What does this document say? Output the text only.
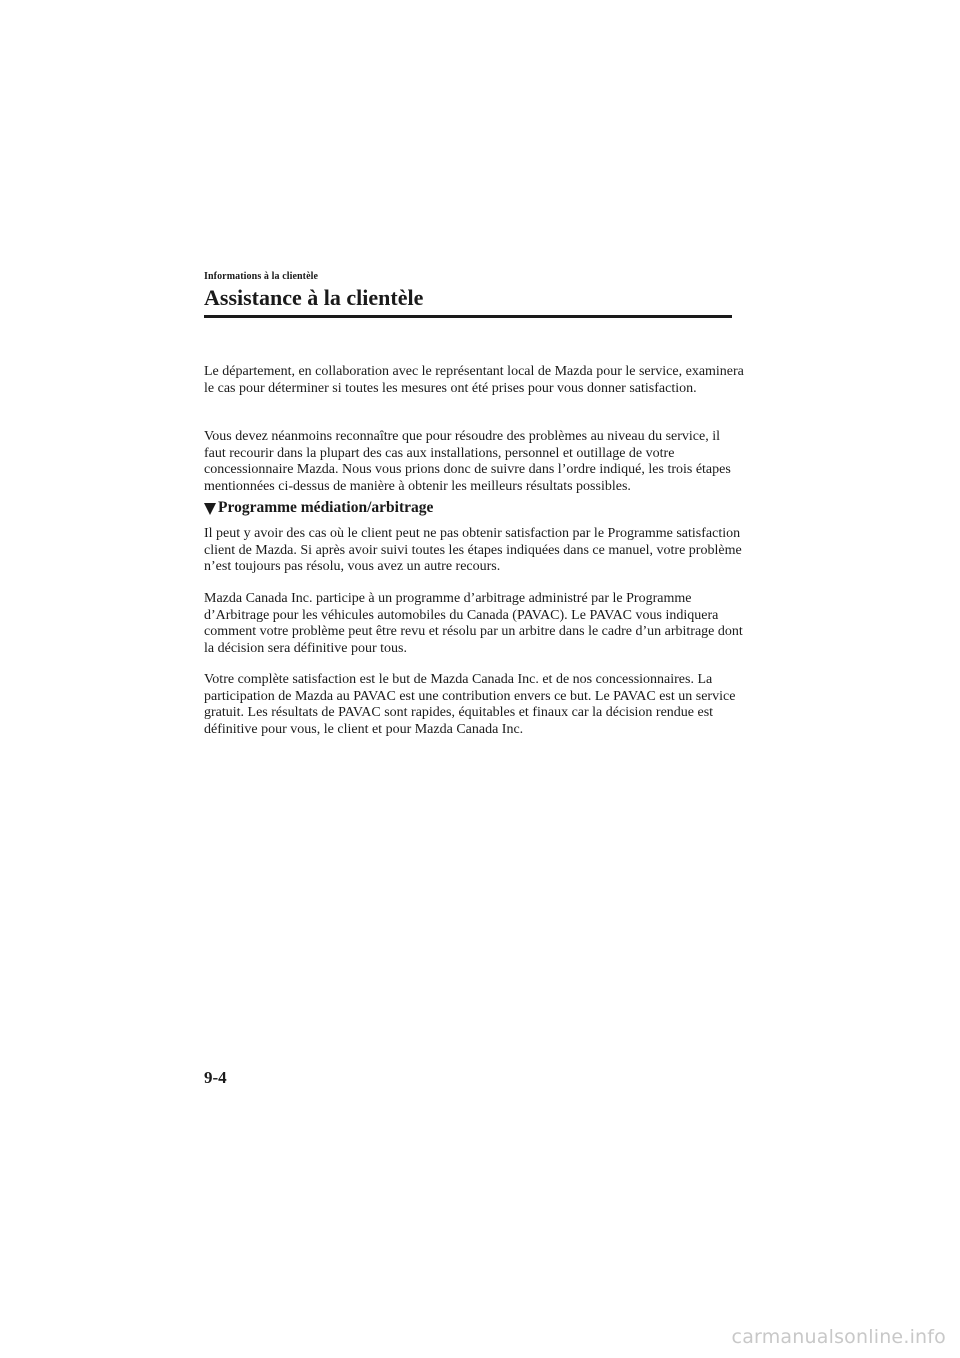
Informations à la clientèle
Assistance à la clientèle

Le département, en collaboration avec le représentant local de Mazda pour le service, examinera le cas pour déterminer si toutes les mesures ont été prises pour vous donner satisfaction.

Vous devez néanmoins reconnaître que pour résoudre des problèmes au niveau du service, il faut recourir dans la plupart des cas aux installations, personnel et outillage de votre concessionnaire Mazda. Nous vous prions donc de suivre dans l’ordre indiqué, les trois étapes mentionnées ci-dessus de manière à obtenir les meilleurs résultats possibles.

Programme médiation/arbitrage

Il peut y avoir des cas où le client peut ne pas obtenir satisfaction par le Programme satisfaction client de Mazda. Si après avoir suivi toutes les étapes indiquées dans ce manuel, votre problème n’est toujours pas résolu, vous avez un autre recours.

Mazda Canada Inc. participe à un programme d’arbitrage administré par le Programme d’Arbitrage pour les véhicules automobiles du Canada (PAVAC). Le PAVAC vous indiquera comment votre problème peut être revu et résolu par un arbitre dans le cadre d’un arbitrage dont la décision sera définitive pour tous.

Votre complète satisfaction est le but de Mazda Canada Inc. et de nos concessionnaires. La participation de Mazda au PAVAC est une contribution envers ce but. Le PAVAC est un service gratuit. Les résultats de PAVAC sont rapides, équitables et finaux car la décision rendue est définitive pour vous, le client et pour Mazda Canada Inc.

9-4
carmanualsonline.info
